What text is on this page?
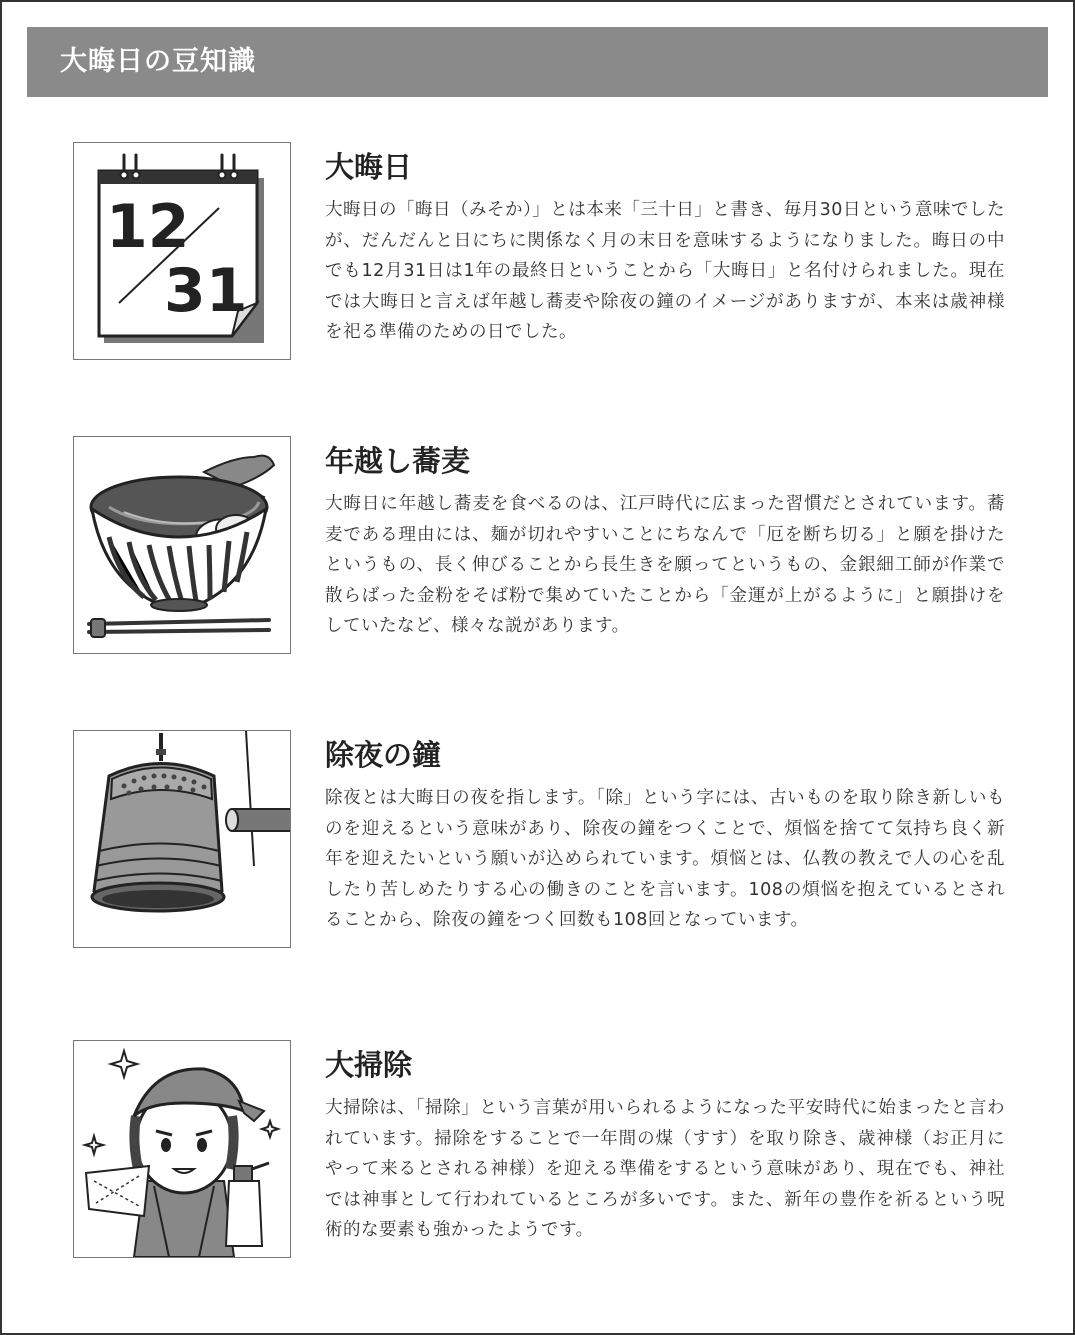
大晦日の豆知識
12
31
大晦日

大晦日の「晦日（みそか）」とは本来「三十日」と書き、毎月30日という意味でしたが、だんだんと日にちに関係なく月の末日を意味するようになりました。晦日の中でも12月31日は1年の最終日ということから「大晦日」と名付けられました。現在では大晦日と言えば年越し蕎麦や除夜の鐘のイメージがありますが、本来は歳神様を祀る準備のための日でした。

年越し蕎麦

大晦日に年越し蕎麦を食べるのは、江戸時代に広まった習慣だとされています。蕎麦である理由には、麺が切れやすいことにちなんで「厄を断ち切る」と願を掛けたというもの、長く伸びることから長生きを願ってというもの、金銀細工師が作業で散らばった金粉をそば粉で集めていたことから「金運が上がるように」と願掛けをしていたなど、様々な説があります。

除夜の鐘

除夜とは大晦日の夜を指します。「除」という字には、古いものを取り除き新しいものを迎えるという意味があり、除夜の鐘をつくことで、煩悩を捨てて気持ち良く新年を迎えたいという願いが込められています。煩悩とは、仏教の教えで人の心を乱したり苦しめたりする心の働きのことを言います。108の煩悩を抱えているとされることから、除夜の鐘をつく回数も108回となっています。

大掃除

大掃除は、「掃除」という言葉が用いられるようになった平安時代に始まったと言われています。掃除をすることで一年間の煤（すす）を取り除き、歳神様（お正月にやって来るとされる神様）を迎える準備をするという意味があり、現在でも、神社では神事として行われているところが多いです。また、新年の豊作を祈るという呪術的な要素も強かったようです。
